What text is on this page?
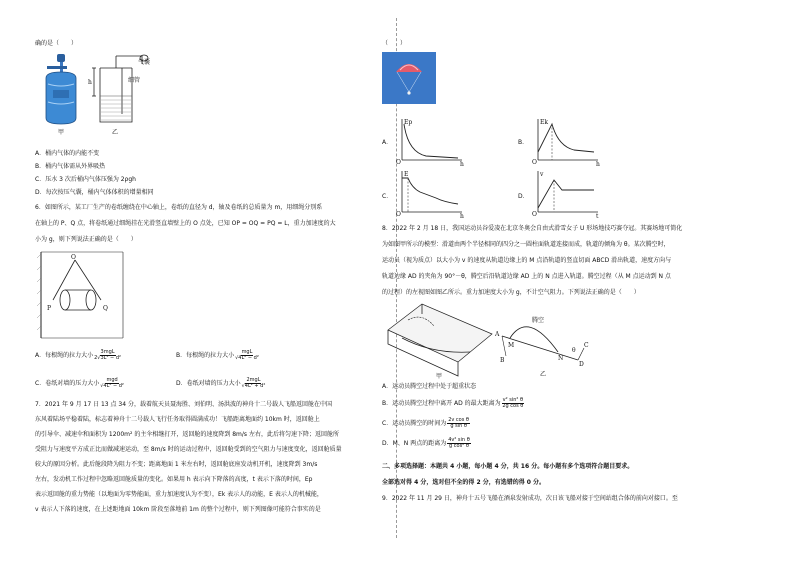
确的是（　　）
气囊
细管
h
甲	乙
A．桶内气体的内能不变
B．桶内气体需从外界吸热
C．压水 3 次后桶内气体压强为 2ρgh
D．每次按压气囊，桶内气体体积的增量相同
6．如图所示，某工厂生产的卷纸缠绕在中心轴上，卷纸的直径为 d，轴及卷纸的总质量为 m，用细绳分别系
在轴上的 P、Q 点，将卷纸通过细绳挂在光滑竖直墙壁上的 O 点处，已知 OP = OQ = PQ = L，重力加速度的大
小为 g，则下列说法正确的是（　　）
O
P	Q
A．每根绳的拉力大小 $\frac{\text{3mgL}}{\text{2√3L² − d²}}$	B．每根绳的拉力大小 $\frac{\text{mgL}}{\text{√4L² − d²}}$
C．卷纸对墙的压力大小 $\frac{\text{mgd}}{\text{√4L² − d²}}$	D．卷纸对墙的压力大小 $\frac{\text{2mgL}}{\text{√4L² + d²}}$
7．2021 年 9 月 17 日 13 点 34 分，载着航天员聂海胜、刘伯明、汤洪波的神舟十二号载人飞船返回舱在中国
东风着陆场平稳着陆，标志着神舟十二号载人飞行任务取得圆满成功！飞船距离地面约 10km 时，返回舱上
的引导伞、减速伞和面积为 1200m² 的主伞相继打开，返回舱的速度降到 8m/s 左右，此后将匀速下降；返回舱所
受阻力与速度平方成正比而做减速运动，至 8m/s 时的运动过程中，返回舱受到的空气阻力与速度变化，返回舱质量
较大的原因分析。此后舱段降为阻力不变；距离地面 1 米左右时，返回舱底座发动机开机，速度降到 3m/s
左右，发动机工作过程中忽略返回舱质量的变化。如果用 h 表示向下降落的高度，t 表示下落的时间，Ep
表示返回舱的重力势能（以地面为零势能面，重力加速度认为不变），Ek 表示人的动能，E 表示人的机械能，
v 表示人下落的速度，在上述距地面 10km 阶段至落地前 1m 的整个过程中，则下列图像可能符合事实的是
（　　）
A．
Ep
h
O
B．
Ek
h
O
C．
E
h
O
D．
v
t
O
8．2022 年 2 月 18 日，我国运动员谷爱凌在北京冬奥会自由式滑雪女子 U 形场地技巧赛夺冠。其赛场地可简化
为如图甲所示的模型：滑道由两个半径相同的四分之一圆柱面轨道连接而成，轨道的倾角为 θ。某次腾空时，
运动员（视为质点）以大小为 v 的速度从轨道边缘上的 M 点沿轨道的竖直切面 ABCD 滑出轨道，速度方向与
轨道边缘 AD 的夹角为 90°－θ，腾空后沿轨道边缘 AD 上的 N 点进入轨道。腾空过程（从 M 点运动到 N 点
的过程）的左视图如图乙所示。重力加速度大小为 g，不计空气阻力。下列说法正确的是（　　）
腾空
A
M
B	N
D
C
θ
甲	乙
A．运动员腾空过程中处于超重状态
B．运动员腾空过程中离开 AD 的最大距离为 $\frac{\text{v² sin² θ}}{\text{2g cos θ}}$
C．运动员腾空的时间为 $\frac{\text{2v cos θ}}{\text{g sin θ}}$
D．M、N 两点的距离为 $\frac{\text{4v² sin θ}}{\text{g cos² θ}}$
二、多项选择题：本题共 4 小题，每小题 4 分，共 16 分。每小题有多个选项符合题目要求。
全部选对得 4 分，选对但不全的得 2 分，有选错的得 0 分。
9．2022 年 11 月 29 日，神舟十五号飞船在酒泉发射成功，次日该飞船对接于空间站组合体的前向对接口。至
